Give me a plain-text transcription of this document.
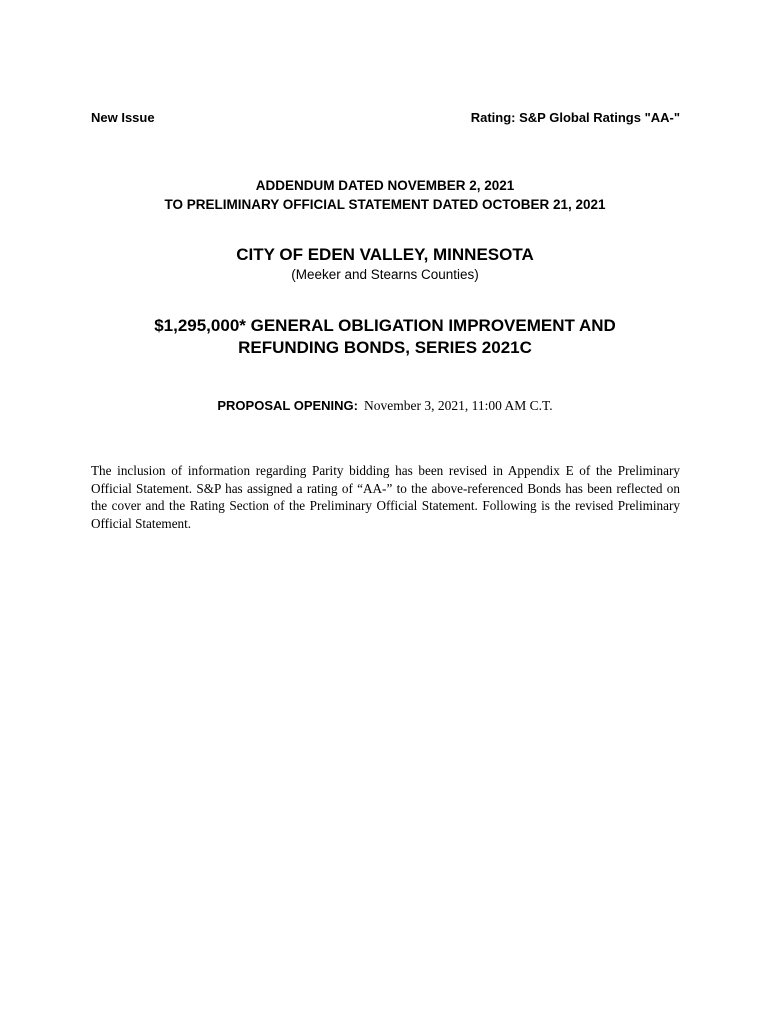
New Issue	Rating: S&P Global Ratings "AA-"
ADDENDUM DATED NOVEMBER 2, 2021
TO PRELIMINARY OFFICIAL STATEMENT DATED OCTOBER 21, 2021
CITY OF EDEN VALLEY, MINNESOTA
(Meeker and Stearns Counties)
$1,295,000* GENERAL OBLIGATION IMPROVEMENT AND
REFUNDING BONDS, SERIES 2021C
PROPOSAL OPENING: November 3, 2021, 11:00 AM C.T.
The inclusion of information regarding Parity bidding has been revised in Appendix E of the Preliminary Official Statement. S&P has assigned a rating of “AA-” to the above-referenced Bonds has been reflected on the cover and the Rating Section of the Preliminary Official Statement. Following is the revised Preliminary Official Statement.
